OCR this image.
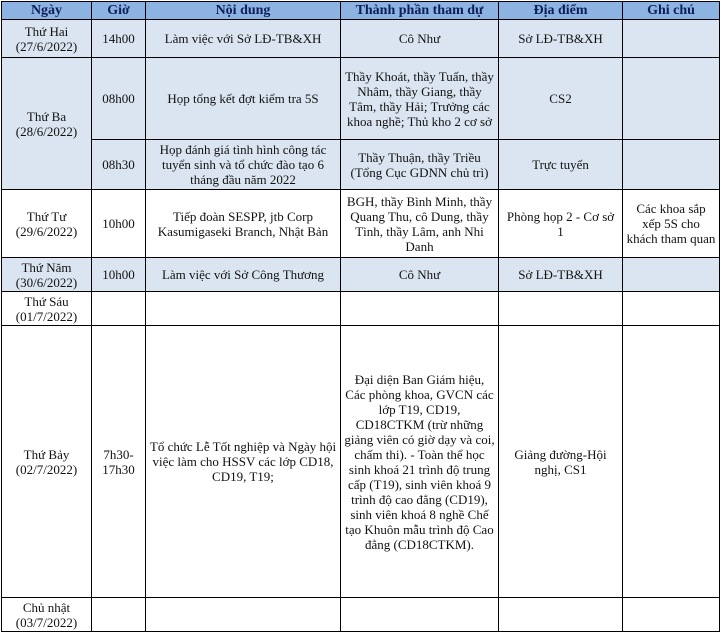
Ngày	Giờ	Nội dung	Thành phần tham dự	Địa điểm	Ghi chú

Thứ Hai
(27/6/2022)	14h00	Làm việc với Sở LĐ-TB&XH	Cô Như	Sở LĐ-TB&XH	

Thứ Ba
(28/6/2022)	08h00	Họp tổng kết đợt kiểm tra 5S	Thầy Khoát, thầy Tuấn, thầy Nhâm, thầy Giang, thầy Tâm, thầy Hải; Trưởng các khoa nghề; Thủ kho 2 cơ sở	CS2	
	08h30	Họp đánh giá tình hình công tác tuyển sinh và tổ chức đào tạo 6 tháng đầu năm 2022	Thầy Thuận, thầy Triều (Tổng Cục GDNN chủ trì)	Trực tuyến	

Thứ Tư
(29/6/2022)	10h00	Tiếp đoàn SESPP, jtb Corp Kasumigaseki Branch, Nhật Bản	BGH, thầy Bình Minh, thầy Quang Thu, cô Dung, thầy Tình, thầy Lâm, anh Nhi Danh	Phòng họp 2 - Cơ sở 1	Các khoa sắp xếp 5S cho khách tham quan

Thứ Năm
(30/6/2022)	10h00	Làm việc với Sở Công Thương	Cô Như	Sở LĐ-TB&XH	

Thứ Sáu
(01/7/2022)					

Thứ Bảy
(02/7/2022)	7h30-17h30	Tổ chức Lễ Tốt nghiệp và Ngày hội việc làm cho HSSV các lớp CD18, CD19, T19;	Đại diện Ban Giám hiệu, Các phòng khoa, GVCN các lớp T19, CD19, CD18CTKM (trừ những giảng viên có giờ dạy và coi, chấm thi). - Toàn thể học sinh khoá 21 trình độ trung cấp (T19), sinh viên khoá 9 trình độ cao đẳng (CD19), sinh viên khoá 8 nghề Chế tạo Khuôn mẫu trình độ Cao đẳng (CD18CTKM).	Giảng đường-Hội nghị, CS1	

Chủ nhật
(03/7/2022)					
